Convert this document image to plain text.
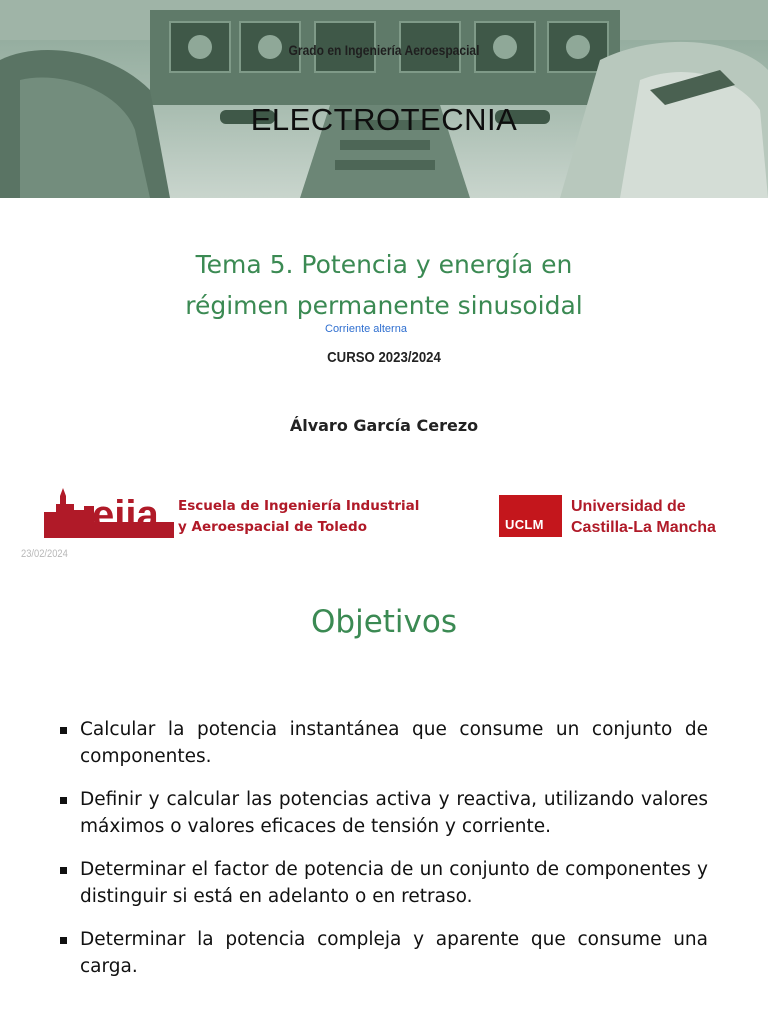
Grado en Ingeniería Aeroespacial
ELECTROTECNIA
Tema 5. Potencia y energía en
régimen permanente sinusoidal
Corriente alterna
CURSO 2023/2024
Álvaro García Cerezo
eiia Escuela de Ingeniería Industrial
y Aeroespacial de Toledo	UCLM
Universidad de
Castilla-La Mancha
23/02/2024
Objetivos
Calcular la potencia instantánea que consume un conjunto de componentes.
Definir y calcular las potencias activa y reactiva, utilizando valores máximos o valores eficaces de tensión y corriente.
Determinar el factor de potencia de un conjunto de componentes y distinguir si está en adelanto o en retraso.
Determinar la potencia compleja y aparente que consume una carga.
